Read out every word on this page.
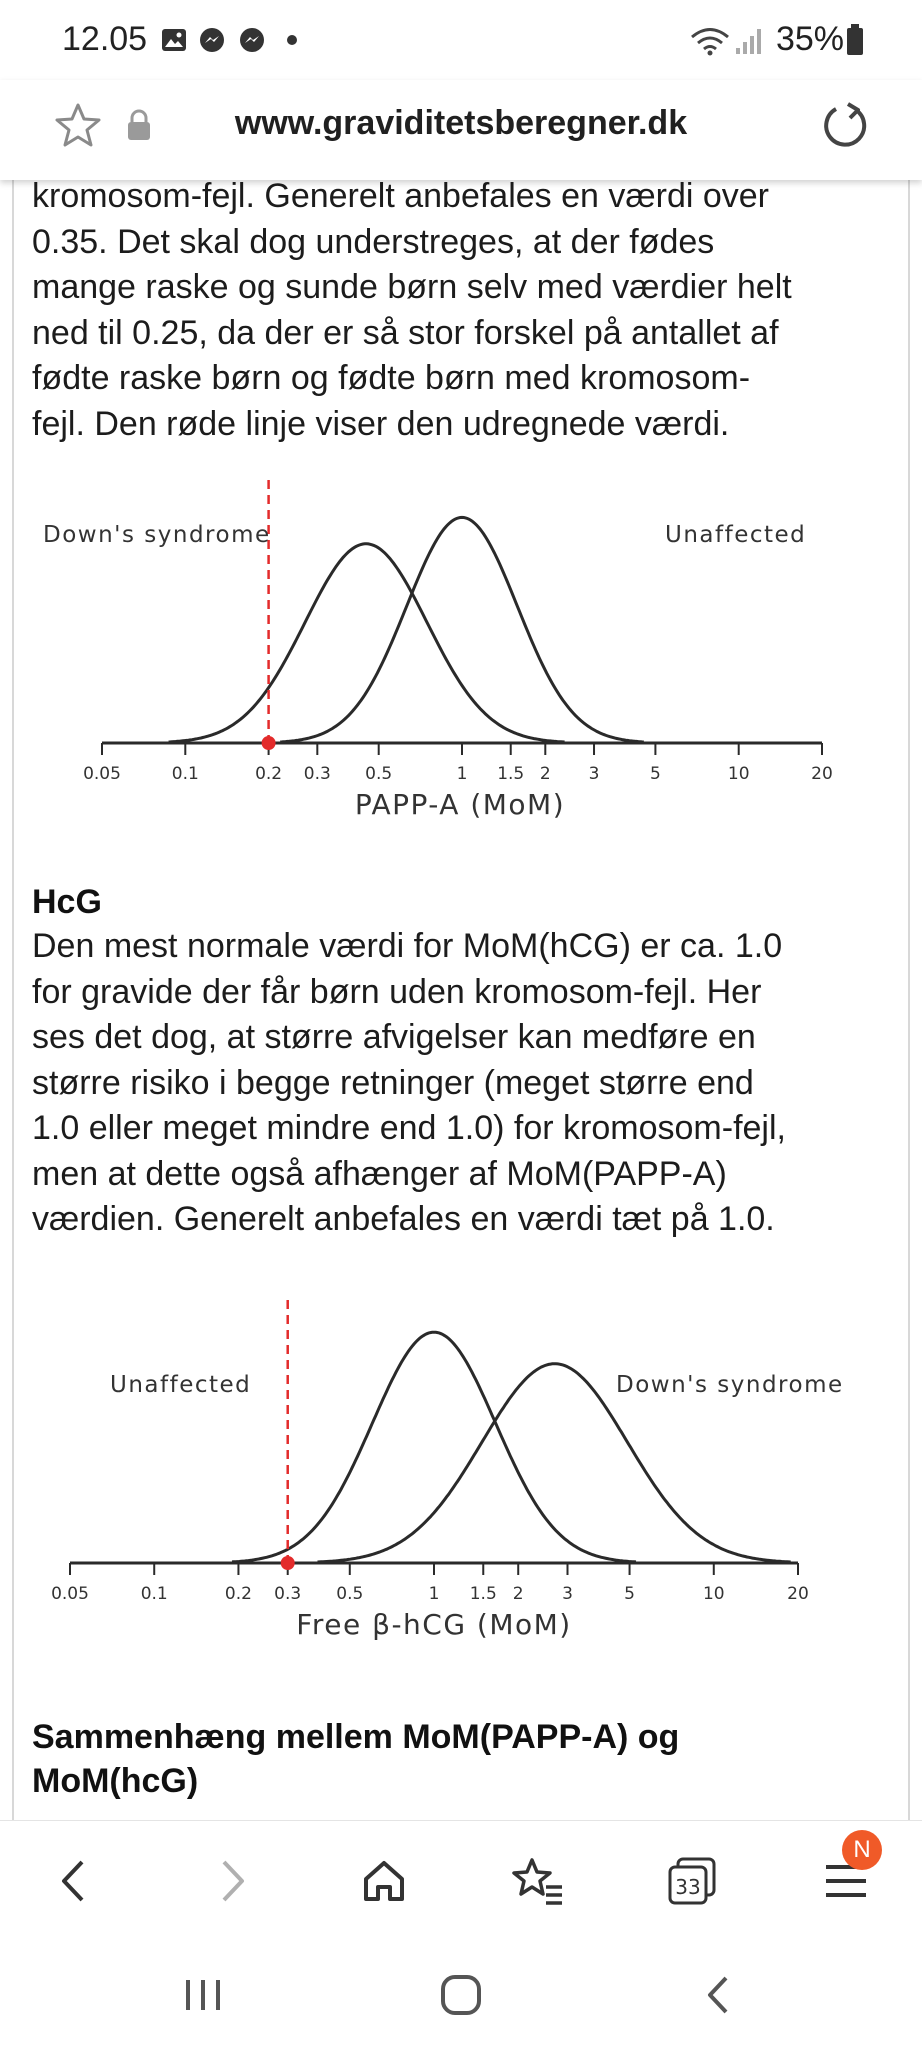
12.05	35%
www.graviditetsberegner.dk
kromosom-fejl. Generelt anbefales en værdi over
0.35. Det skal dog understreges, at der fødes
mange raske og sunde børn selv med værdier helt
ned til 0.25, da der er så stor forskel på antallet af
fødte raske børn og fødte børn med kromosom-
fejl. Den røde linje viser den udregnede værdi.
0.05	0.1	0.2 0.3 0.5	1 1.5 2 3	5	10	20
Down's syndrome	Unaffected
PAPP-A (MoM)
HcG
Den mest normale værdi for MoM(hCG) er ca. 1.0
for gravide der får børn uden kromosom-fejl. Her
ses det dog, at større afvigelser kan medføre en
større risiko i begge retninger (meget større end
1.0 eller meget mindre end 1.0) for kromosom-fejl,
men at dette også afhænger af MoM(PAPP-A)
værdien. Generelt anbefales en værdi tæt på 1.0.
0.05	0.1	0.2 0.3 0.5	1 1.5 2 3	5	10	20
Unaffected	Down's syndrome
Free β-hCG (MoM)
Sammenhæng mellem MoM(PAPP-A) og
MoM(hcG)
33
N
